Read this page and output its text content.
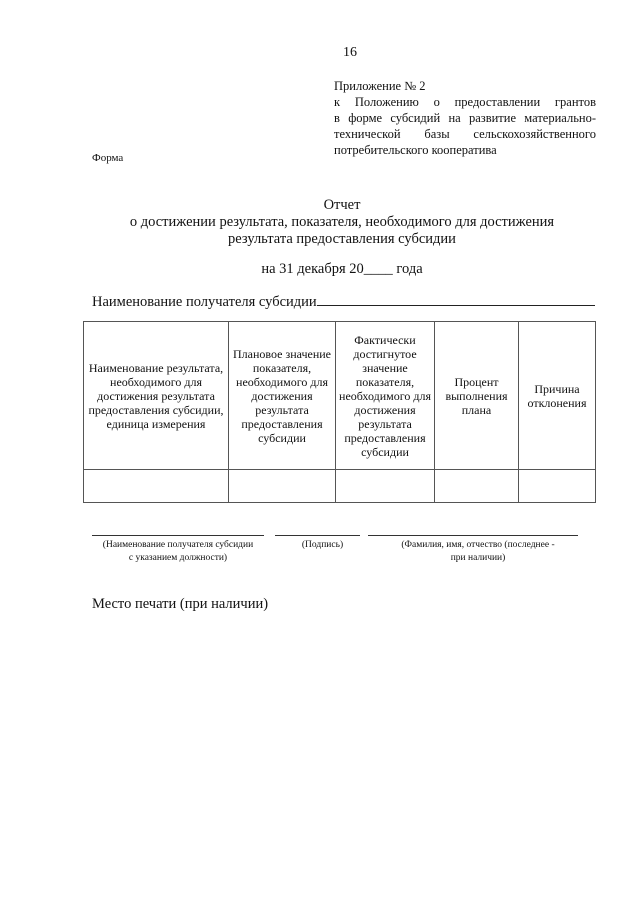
16
Приложение № 2
к Положению о предоставлении грантов
в форме субсидий на развитие материально-
технической базы сельскохозяйственного
потребительского кооператива
Форма
Отчет
о достижении результата, показателя, необходимого для достижения
результата предоставления субсидии
на 31 декабря 20____ года
Наименование получателя субсидии
Наименование результата, необходимого для достижения результата предоставления субсидии, единица измерения	Плановое значение показателя, необходимого для достижения результата предоставления субсидии	Фактически достигнутое значение показателя, необходимого для достижения результата предоставления субсидии	Процент выполнения плана	Причина отклонения

(Наименование получателя субсидии
с указанием должности)
(Подпись)	(Фамилия, имя, отчество (последнее -
при наличии)
Место печати (при наличии)
